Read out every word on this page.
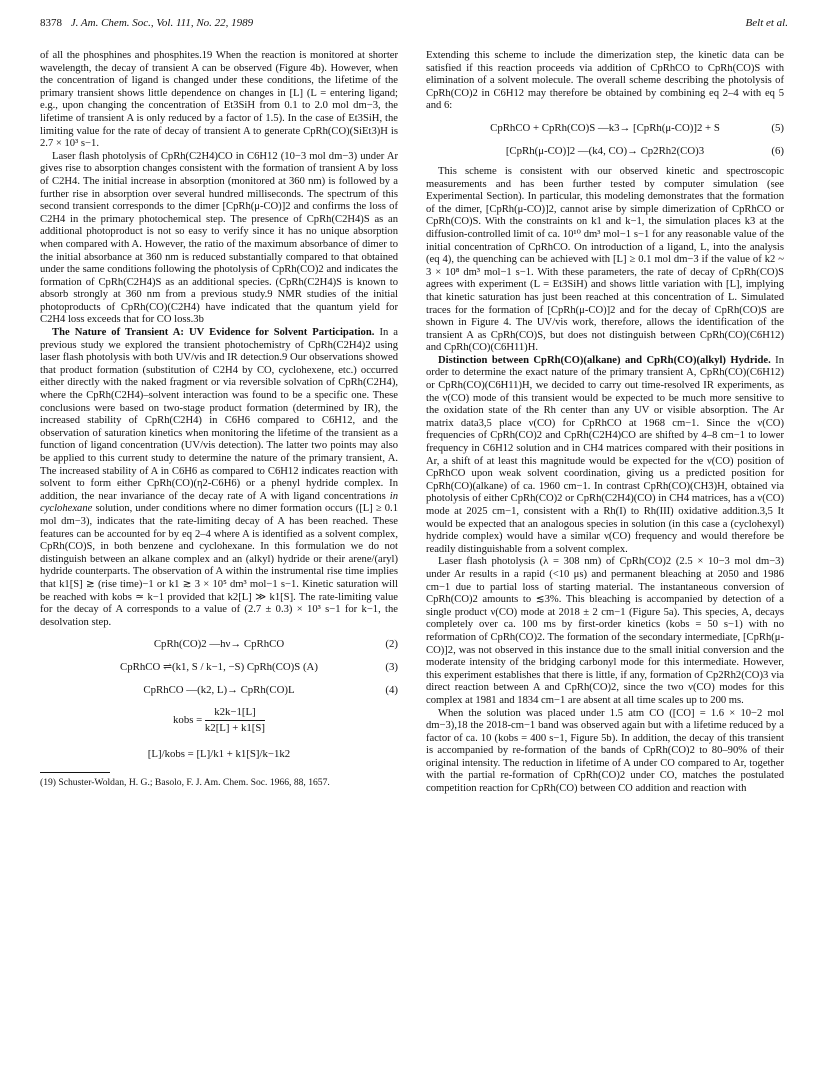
8378 J. Am. Chem. Soc., Vol. 111, No. 22, 1989	Belt et al.

of all the phosphines and phosphites.19 When the reaction is monitored at shorter wavelength, the decay of transient A can be observed (Figure 4b). However, when the concentration of ligand is changed under these conditions, the lifetime of the primary transient shows little dependence on changes in [L] (L = entering ligand; e.g., upon changing the concentration of Et3SiH from 0.1 to 2.0 mol dm−3, the lifetime of transient A is only reduced by a factor of 1.5). In the case of Et3SiH, the limiting value for the rate of decay of transient A to generate CpRh(CO)(SiEt3)H is 2.7 × 10³ s−1.

Laser flash photolysis of CpRh(C2H4)CO in C6H12 (10−3 mol dm−3) under Ar gives rise to absorption changes consistent with the formation of transient A by loss of C2H4. The initial increase in absorption (monitored at 360 nm) is followed by a further rise in absorption over several hundred milliseconds. The spectrum of this second transient corresponds to the dimer [CpRh(μ-CO)]2 and confirms the loss of C2H4 in the primary photochemical step. The presence of CpRh(C2H4)S as an additional photoproduct is not so easy to verify since it has no unique absorption when compared with A. However, the ratio of the maximum absorbance of dimer to the initial absorbance at 360 nm is reduced substantially compared to that obtained under the same conditions following the photolysis of CpRh(CO)2 and indicates the formation of CpRh(C2H4)S as an additional species. (CpRh(C2H4)S is known to absorb strongly at 360 nm from a previous study.9 NMR studies of the initial photoproducts of CpRh(CO)(C2H4) have indicated that the quantum yield for C2H4 loss exceeds that for CO loss.3b

The Nature of Transient A: UV Evidence for Solvent Participation. In a previous study we explored the transient photochemistry of CpRh(C2H4)2 using laser flash photolysis with both UV/vis and IR detection.9 Our observations showed that product formation (substitution of C2H4 by CO, cyclohexene, etc.) occurred either directly with the naked fragment or via reversible solvation of CpRh(C2H4), where the CpRh(C2H4)–solvent interaction was found to be a specific one. These conclusions were based on two-stage product formation (determined by IR), the increased stability of CpRh(C2H4) in C6H6 compared to C6H12, and the observation of saturation kinetics when monitoring the lifetime of the transient as a function of ligand concentration (UV/vis detection). The latter two points may also be applied to this current study to determine the nature of the primary transient, A. The increased stability of A in C6H6 as compared to C6H12 indicates reaction with solvent to form either CpRh(CO)(η2-C6H6) or a phenyl hydride complex. In addition, the near invariance of the decay rate of A with ligand concentrations in cyclohexane solution, under conditions where no dimer formation occurs ([L] ≥ 0.1 mol dm−3), indicates that the rate-limiting decay of A has been reached. These features can be accounted for by eq 2–4 where A is identified as a solvent complex, CpRh(CO)S, in both benzene and cyclohexane. In this formulation we do not distinguish between an alkane complex and an (alkyl) hydride or their arene/(aryl) hydride counterparts. The observation of A within the instrumental rise time implies that k1[S] ≳ (rise time)−1 or k1 ≳ 3 × 10⁵ dm³ mol−1 s−1. Kinetic saturation will be reached with kobs ≃ k−1 provided that k2[L] ≫ k1[S]. The rate-limiting value for the decay of A corresponds to a value of (2.7 ± 0.3) × 10³ s−1 for k−1, the desolvation step.

CpRh(CO)2 —hν→ CpRhCO	(2)
CpRhCO ⇌(k1, S / k−1, −S) CpRh(CO)S (A)	(3)
CpRhCO —(k2, L)→ CpRh(CO)L	(4)
kobs = $\frac{k2k-1[L]}{k2[L] + k1[S]}$
[L]/kobs = [L]/k1 + k1[S]/k−1k2

(19) Schuster-Woldan, H. G.; Basolo, F. J. Am. Chem. Soc. 1966, 88, 1657.

Extending this scheme to include the dimerization step, the kinetic data can be satisfied if this reaction proceeds via addition of CpRhCO to CpRh(CO)S with elimination of a solvent molecule. The overall scheme describing the photolysis of CpRh(CO)2 in C6H12 may therefore be obtained by combining eq 2–4 with eq 5 and 6:

CpRhCO + CpRh(CO)S —k3→ [CpRh(μ-CO)]2 + S	(5)
[CpRh(μ-CO)]2 —(k4, CO)→ Cp2Rh2(CO)3	(6)

This scheme is consistent with our observed kinetic and spectroscopic measurements and has been further tested by computer simulation (see Experimental Section). In particular, this modeling demonstrates that the formation of the dimer, [CpRh(μ-CO)]2, cannot arise by simple dimerization of CpRhCO or CpRh(CO)S. With the constraints on k1 and k−1, the simulation places k3 at the diffusion-controlled limit of ca. 10¹⁰ dm³ mol−1 s−1 for any reasonable value of the initial concentration of CpRhCO. On introduction of a ligand, L, into the analysis (eq 4), the quenching can be achieved with [L] ≥ 0.1 mol dm−3 if the value of k2 ~ 3 × 10⁸ dm³ mol−1 s−1. With these parameters, the rate of decay of CpRh(CO)S agrees with experiment (L = Et3SiH) and shows little variation with [L], implying that kinetic saturation has just been reached at this concentration of L. Simulated traces for the formation of [CpRh(μ-CO)]2 and for the decay of CpRh(CO)S are shown in Figure 4. The UV/vis work, therefore, allows the identification of the transient A as CpRh(CO)S, but does not distinguish between CpRh(CO)(C6H12) and CpRh(CO)(C6H11)H.

Distinction between CpRh(CO)(alkane) and CpRh(CO)(alkyl) Hydride. In order to determine the exact nature of the primary transient A, CpRh(CO)(C6H12) or CpRh(CO)(C6H11)H, we decided to carry out time-resolved IR experiments, as the ν(CO) mode of this transient would be expected to be much more sensitive to the oxidation state of the Rh center than any UV or visible absorption. The Ar matrix data3,5 place ν(CO) for CpRhCO at 1968 cm−1. Since the ν(CO) frequencies of CpRh(CO)2 and CpRh(C2H4)CO are shifted by 4–8 cm−1 to lower frequency in C6H12 solution and in CH4 matrices compared with their positions in Ar, a shift of at least this magnitude would be expected for the ν(CO) position of CpRhCO upon weak solvent coordination, giving us a predicted position for CpRh(CO)(alkane) of ca. 1960 cm−1. In contrast CpRh(CO)(CH3)H, obtained via photolysis of either CpRh(CO)2 or CpRh(C2H4)(CO) in CH4 matrices, has a ν(CO) mode at 2025 cm−1, consistent with a Rh(I) to Rh(III) oxidative addition.3,5 It would be expected that an analogous species in solution (in this case a (cyclohexyl) hydride complex) would have a similar ν(CO) frequency and would therefore be readily distinguishable from a solvent complex.

Laser flash photolysis (λ = 308 nm) of CpRh(CO)2 (2.5 × 10−3 mol dm−3) under Ar results in a rapid (<10 μs) and permanent bleaching at 2050 and 1986 cm−1 due to partial loss of starting material. The instantaneous conversion of CpRh(CO)2 amounts to ≲3%. This bleaching is accompanied by detection of a single product ν(CO) mode at 2018 ± 2 cm−1 (Figure 5a). This species, A, decays completely over ca. 100 ms by first-order kinetics (kobs = 50 s−1) with no reformation of CpRh(CO)2. The formation of the secondary intermediate, [CpRh(μ-CO)]2, was not observed in this instance due to the small initial conversion and the moderate intensity of the bridging carbonyl mode for this intermediate. However, this experiment establishes that there is little, if any, formation of Cp2Rh2(CO)3 via direct reaction between A and CpRh(CO)2, since the two ν(CO) modes for this complex at 1981 and 1834 cm−1 are absent at all time scales up to 200 ms.

When the solution was placed under 1.5 atm CO ([CO] = 1.6 × 10−2 mol dm−3),18 the 2018-cm−1 band was observed again but with a lifetime reduced by a factor of ca. 10 (kobs = 400 s−1, Figure 5b). In addition, the decay of this transient is accompanied by re-formation of the bands of CpRh(CO)2 to 80–90% of their original intensity. The reduction in lifetime of A under CO compared to Ar, together with the partial re-formation of CpRh(CO)2 under CO, matches the postulated competition reaction for CpRh(CO) between CO addition and reaction with
